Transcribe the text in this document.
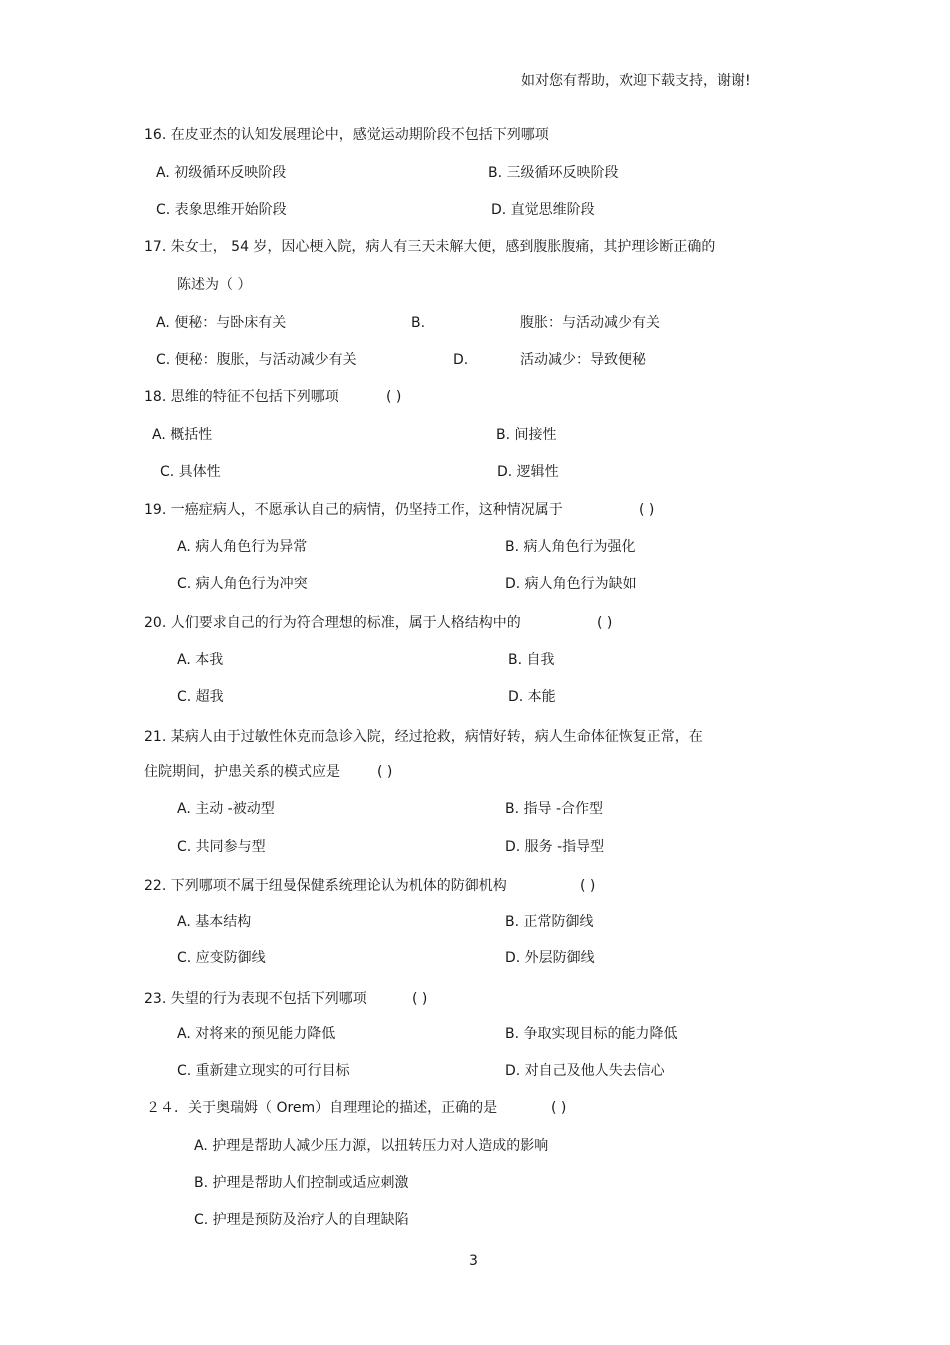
如对您有帮助，欢迎下载支持，谢谢!
16. 在皮亚杰的认知发展理论中，感觉运动期阶段不包括下列哪项
A. 初级循环反映阶段	B. 三级循环反映阶段
C. 表象思维开始阶段	D. 直觉思维阶段
17. 朱女士， 54 岁，因心梗入院，病人有三天未解大便，感到腹胀腹痛，其护理诊断正确的
陈述为（ ）
A. 便秘：与卧床有关	B.	腹胀：与活动减少有关
C. 便秘：腹胀，与活动减少有关	D.	活动减少：导致便秘
18. 思维的特征不包括下列哪项	( )
A. 概括性	B. 间接性
C. 具体性	D. 逻辑性
19. 一癌症病人，不愿承认自己的病情，仍坚持工作，这种情况属于	( )
A. 病人角色行为异常	B. 病人角色行为强化
C. 病人角色行为冲突	D. 病人角色行为缺如
20. 人们要求自己的行为符合理想的标准，属于人格结构中的	( )
A. 本我	B. 自我
C. 超我	D. 本能
21. 某病人由于过敏性休克而急诊入院，经过抢救，病情好转，病人生命体征恢复正常，在
住院期间，护患关系的模式应是	( )
A. 主动 -被动型	B. 指导 -合作型
C. 共同参与型	D. 服务 -指导型
22. 下列哪项不属于纽曼保健系统理论认为机体的防御机构	( )
A. 基本结构	B. 正常防御线
C. 应变防御线	D. 外层防御线
23. 失望的行为表现不包括下列哪项	( )
A. 对将来的预见能力降低	B. 争取实现目标的能力降低
C. 重新建立现实的可行目标	D. 对自己及他人失去信心
２４．关于奥瑞姆（ Orem）自理理论的描述，正确的是	( )
A. 护理是帮助人减少压力源，以扭转压力对人造成的影响
B. 护理是帮助人们控制或适应刺激
C. 护理是预防及治疗人的自理缺陷
3
